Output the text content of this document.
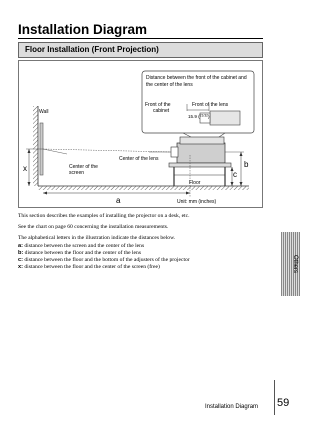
Installation Diagram
Floor Installation (Front Projection)
Distance between the front of the cabinet and
the center of the lens
Front of the
cabinet
Front of the lens
15.9 ($^{21/32}$)
Wall
Center of the
screen
Center of the lens
Floor
x
a
b
c
Unit: mm (inches)

This section describes the examples of installing the projector on a desk, etc.

See the chart on page 60 concerning the installation measurements.

The alphabetical letters in the illustration indicate the distances below.

a: distance between the screen and the center of the lens

b: distance between the floor and the center of the lens

c: distance between the floor and the bottom of the adjusters of the projector

x: distance between the floor and the center of the screen (free)	Others
Installation Diagram 59
